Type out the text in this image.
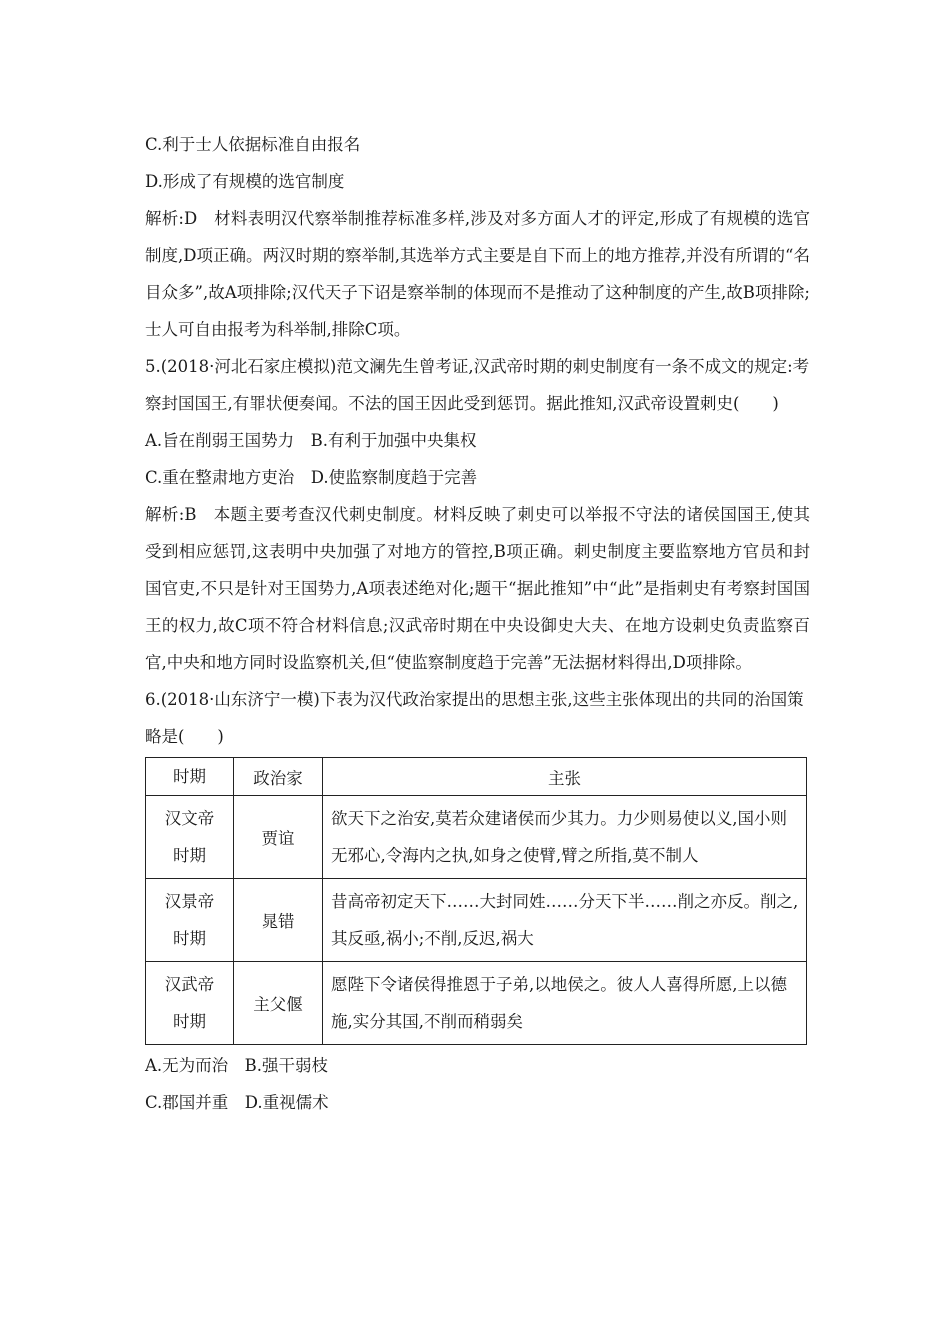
C.利于士人依据标准自由报名
D.形成了有规模的选官制度
解析:D　材料表明汉代察举制推荐标准多样,涉及对多方面人才的评定,形成了有规模的选官制度,D项正确。两汉时期的察举制,其选举方式主要是自下而上的地方推荐,并没有所谓的“名目众多”,故A项排除;汉代天子下诏是察举制的体现而不是推动了这种制度的产生,故B项排除;士人可自由报考为科举制,排除C项。
5.(2018·河北石家庄模拟)范文澜先生曾考证,汉武帝时期的刺史制度有一条不成文的规定:考察封国国王,有罪状便奏闻。不法的国王因此受到惩罚。据此推知,汉武帝设置刺史(　　)
A.旨在削弱王国势力　B.有利于加强中央集权
C.重在整肃地方吏治　D.使监察制度趋于完善
解析:B　本题主要考查汉代刺史制度。材料反映了刺史可以举报不守法的诸侯国国王,使其受到相应惩罚,这表明中央加强了对地方的管控,B项正确。刺史制度主要监察地方官员和封国官吏,不只是针对王国势力,A项表述绝对化;题干“据此推知”中“此”是指刺史有考察封国国王的权力,故C项不符合材料信息;汉武帝时期在中央设御史大夫、在地方设刺史负责监察百官,中央和地方同时设监察机关,但“使监察制度趋于完善”无法据材料得出,D项排除。
6.(2018·山东济宁一模)下表为汉代政治家提出的思想主张,这些主张体现出的共同的治国策略是(　　)
时期	政治家	主张

汉文帝
时期	贾谊	欲天下之治安,莫若众建诸侯而少其力。力少则易使以义,国小则无邪心,令海内之执,如身之使臂,臂之所指,莫不制人

汉景帝
时期	晁错	昔高帝初定天下……大封同姓……分天下半……削之亦反。削之,其反亟,祸小;不削,反迟,祸大

汉武帝
时期	主父偃	愿陛下令诸侯得推恩于子弟,以地侯之。彼人人喜得所愿,上以德施,实分其国,不削而稍弱矣
A.无为而治　B.强干弱枝
C.郡国并重　D.重视儒术
